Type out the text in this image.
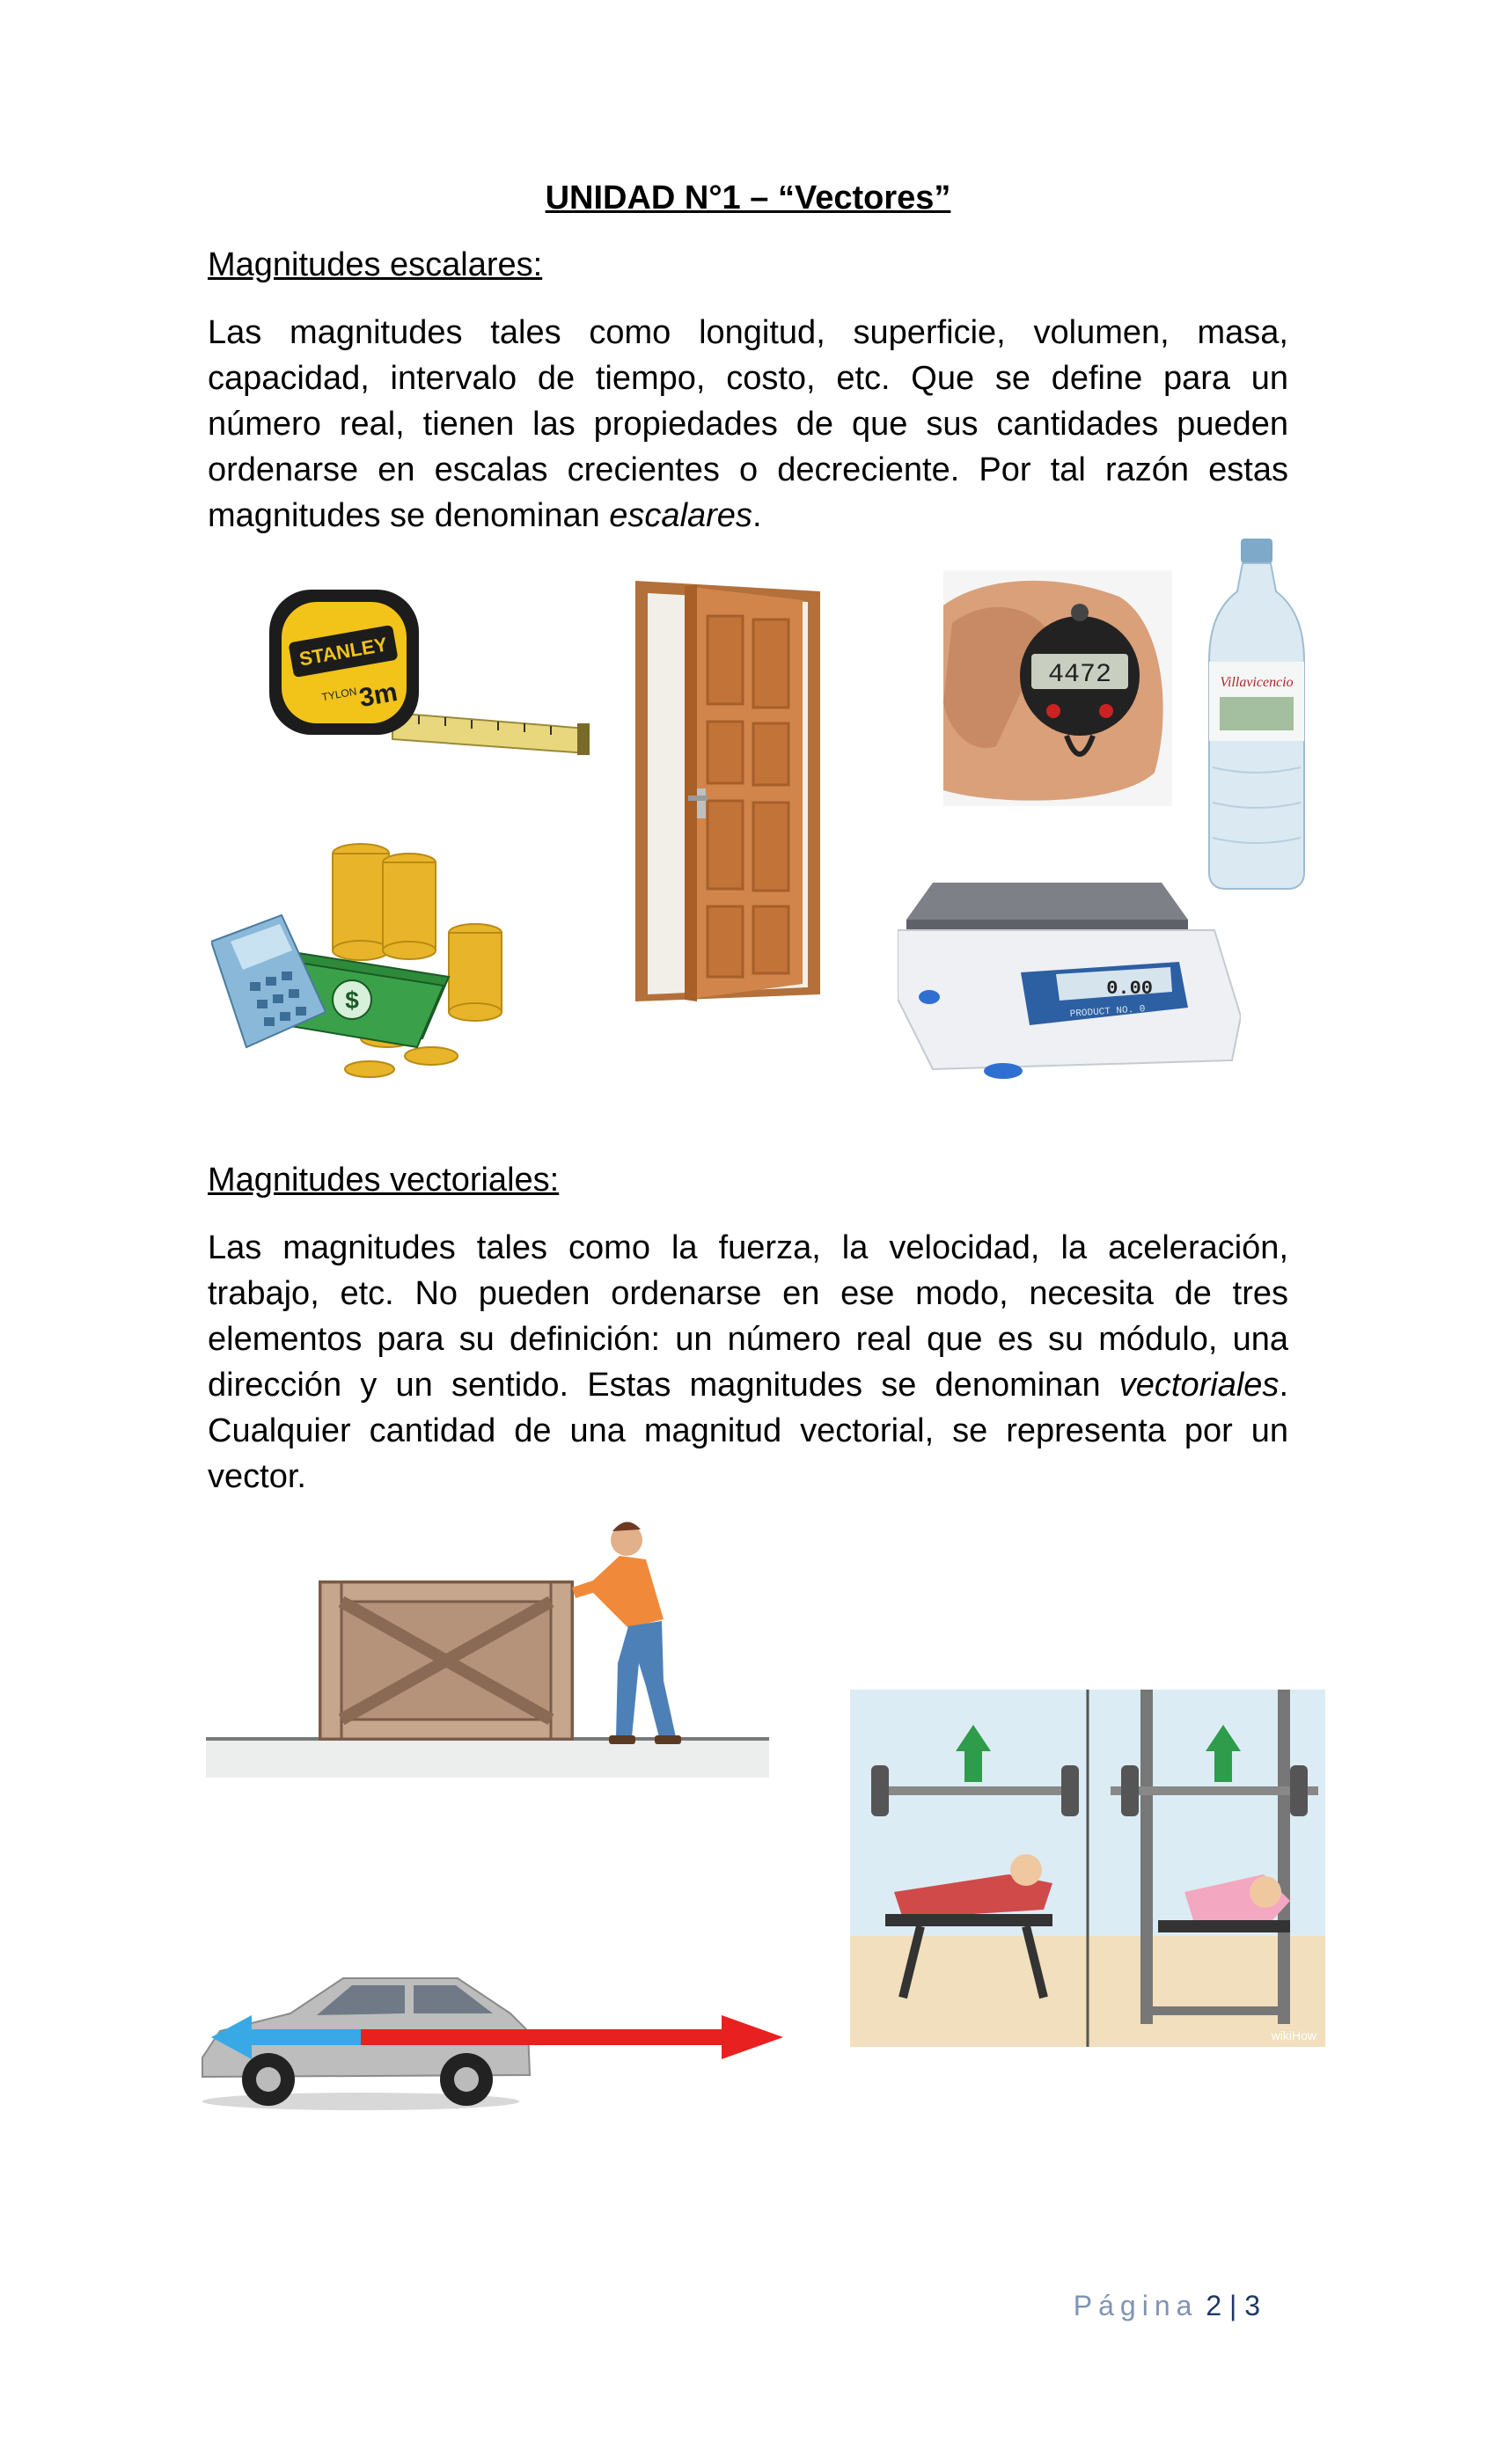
UNIDAD N°1 – “Vectores”
Magnitudes escalares:
Las magnitudes tales como longitud, superficie, volumen, masa, capacidad, intervalo de tiempo, costo, etc. Que se define para un número real, tienen las propiedades de que sus cantidades pueden ordenarse en escalas crecientes o decreciente. Por tal razón estas magnitudes se denominan escalares.
STANLEY
TYLON 3m
4472	Villavicencio
$	0.00
PRODUCT NO. 0
Magnitudes vectoriales:
Las magnitudes tales como la fuerza, la velocidad, la aceleración, trabajo, etc. No pueden ordenarse en ese modo, necesita de tres elementos para su definición: un número real que es su módulo, una dirección y un sentido. Estas magnitudes se denominan vectoriales. Cualquier cantidad de una magnitud vectorial, se representa por un vector.
wikiHow
Página 2 | 3
